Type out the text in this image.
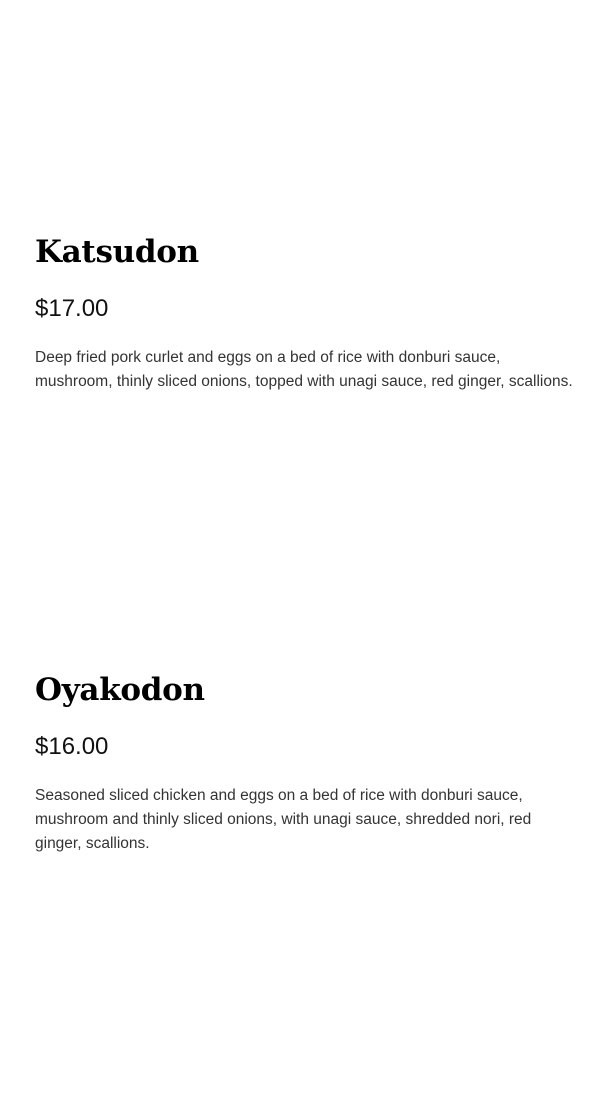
Katsudon
$17.00

Deep fried pork curlet and eggs on a bed of rice with donburi sauce, mushroom, thinly sliced onions, topped with unagi sauce, red ginger, scallions.

Oyakodon
$16.00

Seasoned sliced chicken and eggs on a bed of rice with donburi sauce, mushroom and thinly sliced onions, with unagi sauce, shredded nori, red ginger, scallions.
